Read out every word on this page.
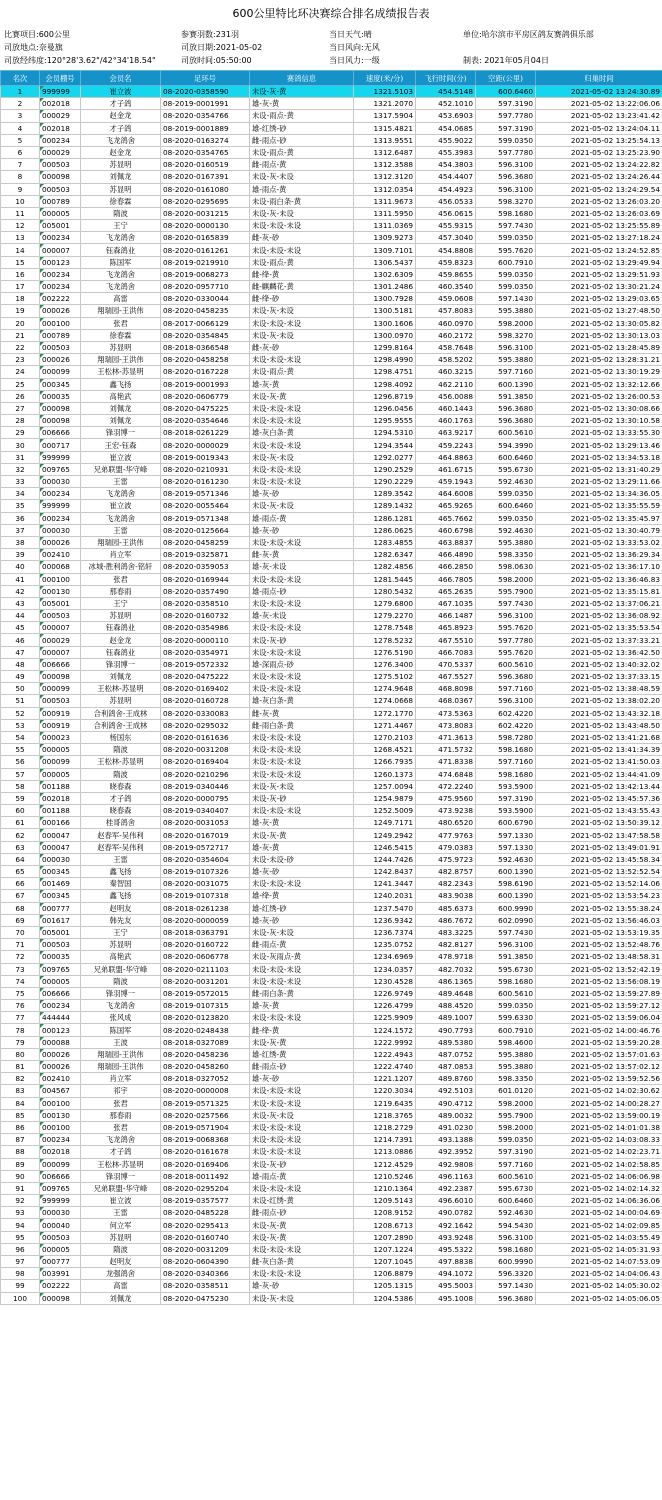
600公里特比环决赛综合排名成绩报告表
比赛项目:600公里	参赛羽数:231羽	当日天气:晴	单位:哈尔滨市平房区鸽友赛鸽俱乐部
司放地点:奈曼旗	司放日期:2021-05-02	当日风向:无风
司放经纬度:120°28'3.62"/42°34'18.54"	司放时间:05:50:00	当日风力:一级	制表: 2021年05月04日
名次	会员棚号	会员名	足环号	赛鸽信息	速度(米/分)	飞行时间(分)	空距(公里)	归巢时间
1	999999	崔立波	08-2020-0358590	未设-灰-黄	1321.5103	454.5148	600.6460	2021-05-02 13:24:30.89
2	002018	才子鸽	08-2019-0001991	雄-灰-黄	1321.2070	452.1010	597.3190	2021-05-02 13:22:06.06
3	000029	赵金龙	08-2020-0354766	未设-雨点-黄	1317.5904	453.6903	597.7780	2021-05-02 13:23:41.42
4	002018	才子鸽	08-2019-0001889	雄-红绣-砂	1315.4821	454.0685	597.3190	2021-05-02 13:24:04.11
5	000234	飞龙鸽舍	08-2020-0163274	雌-雨点-砂	1313.9551	455.9022	599.0350	2021-05-02 13:25:54.13
6	000029	赵金龙	08-2020-0354765	未设-雨点-黄	1312.6487	455.3983	597.7780	2021-05-02 13:25:23.90
7	000503	苏显明	08-2020-0160519	雌-雨点-黄	1312.3588	454.3803	596.3100	2021-05-02 13:24:22.82
8	000098	刘佩龙	08-2020-0167391	未设-灰-未设	1312.3120	454.4407	596.3680	2021-05-02 13:24:26.44
9	000503	苏显明	08-2020-0161080	雄-雨点-黄	1312.0354	454.4923	596.3100	2021-05-02 13:24:29.54
10	000789	徐春霖	08-2020-0295695	未设-雨白条-黄	1311.9673	456.0533	598.3270	2021-05-02 13:26:03.20
11	000005	隋波	08-2020-0031215	未设-灰-未设	1311.5950	456.0615	598.1680	2021-05-02 13:26:03.69
12	005001	王宁	08-2020-0000130	未设-未设-未设	1311.0369	455.9315	597.7430	2021-05-02 13:25:55.89
13	000234	飞龙鸽舍	08-2020-0165839	雌-灰-砂	1309.9273	457.3040	599.0350	2021-05-02 13:27:18.24
14	000007	钰森鸽业	08-2020-0161261	未设-未设-未设	1309.7101	454.8808	595.7620	2021-05-02 13:24:52.85
15	000123	陈国军	08-2019-0219910	未设-雨点-黄	1306.5437	459.8323	600.7910	2021-05-02 13:29:49.94
16	000234	飞龙鸽舍	08-2019-0068273	雌-绛-黄	1302.6309	459.8655	599.0350	2021-05-02 13:29:51.93
17	000234	飞龙鸽舍	08-2020-0957710	雌-麒麟花-黄	1301.2486	460.3540	599.0350	2021-05-02 13:30:21.24
18	002222	高雷	08-2020-0330044	雌-绛-砂	1300.7928	459.0608	597.1430	2021-05-02 13:29:03.65
19	000026	翔瑞园-王洪伟	08-2020-0458235	未设-灰-未设	1300.5181	457.8083	595.3880	2021-05-02 13:27:48.50
20	000100	张君	08-2017-0066129	未设-未设-未设	1300.1606	460.0970	598.2000	2021-05-02 13:30:05.82
21	000789	徐春霖	08-2020-0354845	未设-灰-未设	1300.0970	460.2172	598.3270	2021-05-02 13:30:13.03
22	000503	苏显明	08-2018-0366548	雌-灰-砂	1299.8164	458.7648	596.3100	2021-05-02 13:28:45.89
23	000026	翔瑞园-王洪伟	08-2020-0458258	未设-未设-未设	1298.4990	458.5202	595.3880	2021-05-02 13:28:31.21
24	000099	王松林-苏显明	08-2020-0167228	未设-雨点-黄	1298.4751	460.3215	597.7160	2021-05-02 13:30:19.29
25	000345	鑫飞扬	08-2019-0001993	雄-灰-黄	1298.4092	462.2110	600.1390	2021-05-02 13:32:12.66
26	000035	高艳武	08-2020-0606779	未设-灰-黄	1296.8719	456.0088	591.3850	2021-05-02 13:26:00.53
27	000098	刘佩龙	08-2020-0475225	未设-未设-未设	1296.0456	460.1443	596.3680	2021-05-02 13:30:08.66
28	000098	刘佩龙	08-2020-0354646	未设-未设-未设	1295.9555	460.1763	596.3680	2021-05-02 13:30:10.58
29	006666	锋羽博一	08-2018-0261229	雄-灰白条-黄	1294.5310	463.9217	600.5610	2021-05-02 13:33:55.30
30	000717	王宏-钰森	08-2020-0000029	未设-未设-未设	1294.3544	459.2243	594.3990	2021-05-02 13:29:13.46
31	999999	崔立波	08-2019-0019343	未设-灰-未设	1292.0277	464.8863	600.6460	2021-05-02 13:34:53.18
32	009765	兄弟联盟-华守峰	08-2020-0210931	未设-未设-未设	1290.2529	461.6715	595.6730	2021-05-02 13:31:40.29
33	000030	王雷	08-2020-0161230	未设-未设-未设	1290.2229	459.1943	592.4630	2021-05-02 13:29:11.66
34	000234	飞龙鸽舍	08-2019-0571346	雄-灰-砂	1289.3542	464.6008	599.0350	2021-05-02 13:34:36.05
35	999999	崔立波	08-2020-0055464	未设-灰-未设	1289.1432	465.9265	600.6460	2021-05-02 13:35:55.59
36	000234	飞龙鸽舍	08-2019-0571348	雄-雨点-黄	1286.1281	465.7662	599.0350	2021-05-02 13:35:45.97
37	000030	王雷	08-2020-0125664	雄-灰-砂	1286.0625	460.6798	592.4630	2021-05-02 13:30:40.79
38	000026	翔瑞园-王洪伟	08-2020-0458259	未设-未设-未设	1283.4855	463.8837	595.3880	2021-05-02 13:33:53.02
39	002410	肖立军	08-2019-0325871	雌-灰-黄	1282.6347	466.4890	598.3350	2021-05-02 13:36:29.34
40	000068	冰城-胜利鸽舍-铭轩	08-2020-0359053	雄-灰-未设	1282.4856	466.2850	598.0630	2021-05-02 13:36:17.10
41	000100	张君	08-2020-0169944	未设-未设-未设	1281.5445	466.7805	598.2000	2021-05-02 13:36:46.83
42	000130	那春雨	08-2020-0357490	雄-雨点-砂	1280.5432	465.2635	595.7900	2021-05-02 13:35:15.81
43	005001	王宁	08-2020-0358510	未设-未设-未设	1279.6800	467.1035	597.7430	2021-05-02 13:37:06.21
44	000503	苏显明	08-2020-0160732	雄-灰-未设	1279.2270	466.1487	596.3100	2021-05-02 13:36:08.92
45	000007	钰森鸽业	08-2020-0354986	未设-未设-未设	1278.7548	465.8923	595.7620	2021-05-02 13:35:53.54
46	000029	赵金龙	08-2020-0000110	未设-灰-砂	1278.5232	467.5510	597.7780	2021-05-02 13:37:33.21
47	000007	钰森鸽业	08-2020-0354971	未设-未设-未设	1276.5190	466.7083	595.7620	2021-05-02 13:36:42.50
48	006666	锋羽博一	08-2019-0572332	雄-深雨点-砂	1276.3400	470.5337	600.5610	2021-05-02 13:40:32.02
49	000098	刘佩龙	08-2020-0475222	未设-未设-未设	1275.5102	467.5527	596.3680	2021-05-02 13:37:33.15
50	000099	王松林-苏显明	08-2020-0169402	未设-未设-未设	1274.9648	468.8098	597.7160	2021-05-02 13:38:48.59
51	000503	苏显明	08-2020-0160728	雄-灰白条-黄	1274.0668	468.0367	596.3100	2021-05-02 13:38:02.20
52	000919	合利鸽舍-王成林	08-2020-0330083	雌-灰-黄	1272.1770	473.5363	602.4220	2021-05-02 13:43:32.18
53	000919	合利鸽舍-王成林	08-2020-0295032	雌-雨白条-黄	1271.4467	473.8083	602.4220	2021-05-02 13:43:48.50
54	000023	杨国东	08-2020-0161636	未设-未设-未设	1270.2103	471.3613	598.7280	2021-05-02 13:41:21.68
55	000005	隋波	08-2020-0031208	未设-未设-未设	1268.4521	471.5732	598.1680	2021-05-02 13:41:34.39
56	000099	王松林-苏显明	08-2020-0169404	未设-未设-未设	1266.7935	471.8338	597.7160	2021-05-02 13:41:50.03
57	000005	隋波	08-2020-0210296	未设-未设-未设	1260.1373	474.6848	598.1680	2021-05-02 13:44:41.09
58	001188	晓春森	08-2019-0340446	未设-灰-未设	1257.0094	472.2240	593.5900	2021-05-02 13:42:13.44
59	002018	才子鸽	08-2020-0000795	未设-灰-砂	1254.9879	475.9560	597.3190	2021-05-02 13:45:57.36
60	001188	晓春森	08-2019-0340407	未设-未设-未设	1252.5009	473.9238	593.5900	2021-05-02 13:43:55.43
61	000166	桂哥鸽舍	08-2020-0031053	雄-灰-黄	1249.7171	480.6520	600.6790	2021-05-02 13:50:39.12
62	000047	赵春军-吴伟利	08-2020-0167019	未设-灰-黄	1249.2942	477.9763	597.1330	2021-05-02 13:47:58.58
63	000047	赵春军-吴伟利	08-2019-0572717	雄-灰-黄	1246.5415	479.0383	597.1330	2021-05-02 13:49:01.91
64	000030	王雷	08-2020-0354604	未设-未设-砂	1244.7426	475.9723	592.4630	2021-05-02 13:45:58.34
65	000345	鑫飞扬	08-2019-0107326	雄-灰-砂	1242.8437	482.8757	600.1390	2021-05-02 13:52:52.54
66	001469	秦智国	08-2020-0031075	未设-未设-未设	1241.3447	482.2343	598.6190	2021-05-02 13:52:14.06
67	000345	鑫飞扬	08-2019-0107318	雄-绛-黄	1240.2031	483.9038	600.1390	2021-05-02 13:53:54.23
68	000777	赵明友	08-2018-0261238	雄-红绣-砂	1237.5470	485.6373	600.9990	2021-05-02 13:55:38.24
69	001617	韩先友	08-2020-0000059	雄-灰-砂	1236.9342	486.7672	602.0990	2021-05-02 13:56:46.03
70	005001	王宁	08-2018-0363791	未设-灰-未设	1236.7374	483.3225	597.7430	2021-05-02 13:53:19.35
71	000503	苏显明	08-2020-0160722	雌-雨点-黄	1235.0752	482.8127	596.3100	2021-05-02 13:52:48.76
72	000035	高艳武	08-2020-0606778	未设-灰雨点-黄	1234.6969	478.9718	591.3850	2021-05-02 13:48:58.31
73	009765	兄弟联盟-华守峰	08-2020-0211103	未设-未设-未设	1234.0357	482.7032	595.6730	2021-05-02 13:52:42.19
74	000005	隋波	08-2020-0031201	未设-未设-未设	1230.4528	486.1365	598.1680	2021-05-02 13:56:08.19
75	006666	锋羽博一	08-2019-0572015	雌-雨白条-黄	1226.9749	489.4648	600.5610	2021-05-02 13:59:27.89
76	000234	飞龙鸽舍	08-2019-0107315	雄-灰-黄	1226.4799	488.4520	599.0350	2021-05-02 13:59:27.12
77	444444	张风成	08-2020-0123820	未设-未设-未设	1225.9909	489.1007	599.6330	2021-05-02 13:59:06.04
78	000123	陈国军	08-2020-0248438	雌-绛-黄	1224.1572	490.7793	600.7910	2021-05-02 14:00:46.76
79	000088	王波	08-2018-0327089	未设-灰-黄	1222.9992	489.5380	598.4600	2021-05-02 13:59:20.28
80	000026	翔瑞园-王洪伟	08-2020-0458236	雄-红绣-黄	1222.4943	487.0752	595.3880	2021-05-02 13:57:01.63
81	000026	翔瑞园-王洪伟	08-2020-0458260	雌-雨点-砂	1222.4740	487.0853	595.3880	2021-05-02 13:57:02.12
82	002410	肖立军	08-2018-0327052	雄-灰-砂	1221.1207	489.8760	598.3350	2021-05-02 13:59:52.56
83	004567	祁宇	08-2020-0000008	未设-未设-未设	1220.3034	492.5103	601.0120	2021-05-02 14:02:30.62
84	000100	张君	08-2019-0571325	未设-未设-未设	1219.6435	490.4712	598.2000	2021-05-02 14:00:28.27
85	000130	那春雨	08-2020-0257566	未设-灰-未设	1218.3765	489.0032	595.7900	2021-05-02 13:59:00.19
86	000100	张君	08-2019-0571904	未设-未设-未设	1218.2729	491.0230	598.2000	2021-05-02 14:01:01.38
87	000234	飞龙鸽舍	08-2019-0068368	未设-未设-未设	1214.7391	493.1388	599.0350	2021-05-02 14:03:08.33
88	002018	才子鸽	08-2020-0161678	未设-未设-未设	1213.0886	492.3952	597.3190	2021-05-02 14:02:23.71
89	000099	王松林-苏显明	08-2020-0169406	未设-灰-砂	1212.4529	492.9808	597.7160	2021-05-02 14:02:58.85
90	006666	锋羽博一	08-2018-0011492	雄-雨点-黄	1210.5246	496.1163	600.5610	2021-05-02 14:06:06.98
91	009765	兄弟联盟-华守峰	08-2020-0295204	未设-未设-未设	1210.1364	492.2387	595.6730	2021-05-02 14:02:14.32
92	999999	崔立波	08-2019-0357577	未设-红绣-黄	1209.5143	496.6010	600.6460	2021-05-02 14:06:36.06
93	000030	王雷	08-2020-0485228	雌-雨点-砂	1208.9152	490.0782	592.4630	2021-05-02 14:00:04.69
94	000040	何立军	08-2020-0295413	未设-灰-黄	1208.6713	492.1642	594.5430	2021-05-02 14:02:09.85
95	000503	苏显明	08-2020-0160740	未设-灰-黄	1207.2890	493.9248	596.3100	2021-05-02 14:03:55.49
96	000005	隋波	08-2020-0031209	未设-未设-未设	1207.1224	495.5322	598.1680	2021-05-02 14:05:31.93
97	000777	赵明友	08-2020-0604390	雌-灰白条-黄	1207.1045	497.8838	600.9990	2021-05-02 14:07:53.09
98	003991	龙强鸽舍	08-2020-0340366	未设-未设-未设	1206.8879	494.1072	596.3320	2021-05-02 14:04:06.43
99	002222	高雷	08-2020-0358511	雄-灰-砂	1205.1315	495.5003	597.1430	2021-05-02 14:05:30.02
100	000098	刘佩龙	08-2020-0475230	未设-灰-未设	1204.5386	495.1008	596.3680	2021-05-02 14:05:06.05
